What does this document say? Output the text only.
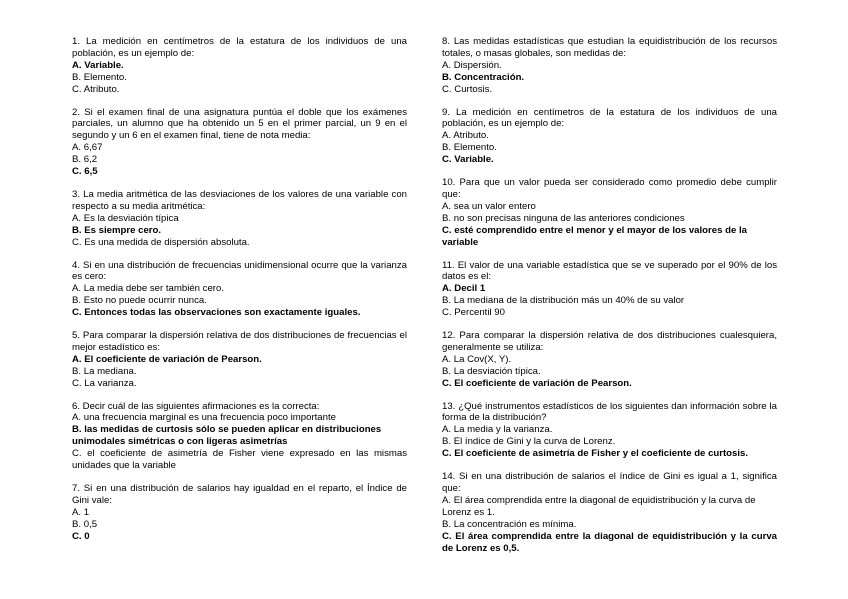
1. La medición en centímetros de la estatura de los individuos de una población, es un ejemplo de:

A. Variable.

B. Elemento.

C. Atributo.

2. Si el examen final de una asignatura puntúa el doble que los exámenes parciales, un alumno que ha obtenido un 5 en el primer parcial, un 9 en el segundo y un 6 en el examen final, tiene de nota media:

A. 6,67

B. 6,2

C. 6,5

3. La media aritmética de las desviaciones de los valores de una variable con respecto a su media aritmética:

A. Es la desviación típica

B. Es siempre cero.

C. Es una medida de dispersión absoluta.

4. Si en una distribución de frecuencias unidimensional ocurre que la varianza es cero:

A. La media debe ser también cero.

B. Esto no puede ocurrir nunca.

C. Entonces todas las observaciones son exactamente iguales.

5. Para comparar la dispersión relativa de dos distribuciones de frecuencias el mejor estadístico es:

A. El coeficiente de variación de Pearson.

B. La mediana.

C. La varianza.

6. Decir cuál de las siguientes afirmaciones es la correcta:

A. una frecuencia marginal es una frecuencia poco importante

B. las medidas de curtosis sólo se pueden aplicar en distribuciones unimodales simétricas o con ligeras asimetrías

C. el coeficiente de asimetría de Fisher viene expresado en las mismas unidades que la variable

7. Si en una distribución de salarios hay igualdad en el reparto, el Índice de Gini vale:

A. 1

B. 0,5

C. 0

8. Las medidas estadísticas que estudian la equidistribución de los recursos totales, o masas globales, son medidas de:

A. Dispersión.

B. Concentración.

C. Curtosis.

9. La medición en centímetros de la estatura de los individuos de una población, es un ejemplo de:

A. Atributo.

B. Elemento.

C. Variable.

10. Para que un valor pueda ser considerado como promedio debe cumplir que:

A. sea un valor entero

B. no son precisas ninguna de las anteriores condiciones

C. esté comprendido entre el menor y el mayor de los valores de la variable

11. El valor de una variable estadística que se ve superado por el 90% de los datos es el:

A. Decil 1

B. La mediana de la distribución más un 40% de su valor

C. Percentil 90

12. Para comparar la dispersión relativa de dos distribuciones cualesquiera, generalmente se utiliza:

A. La Cov(X, Y).

B. La desviación típica.

C. El coeficiente de variación de Pearson.

13. ¿Qué instrumentos estadísticos de los siguientes dan información sobre la forma de la distribución?

A. La media y la varianza.

B. El índice de Gini y la curva de Lorenz.

C. El coeficiente de asimetría de Fisher y el coeficiente de curtosis.

14. Si en una distribución de salarios el índice de Gini es igual a 1, significa que:

A. El área comprendida entre la diagonal de equidistribución y la curva de Lorenz es 1.

B. La concentración es mínima.

C. El área comprendida entre la diagonal de equidistribución y la curva de Lorenz es 0,5.
